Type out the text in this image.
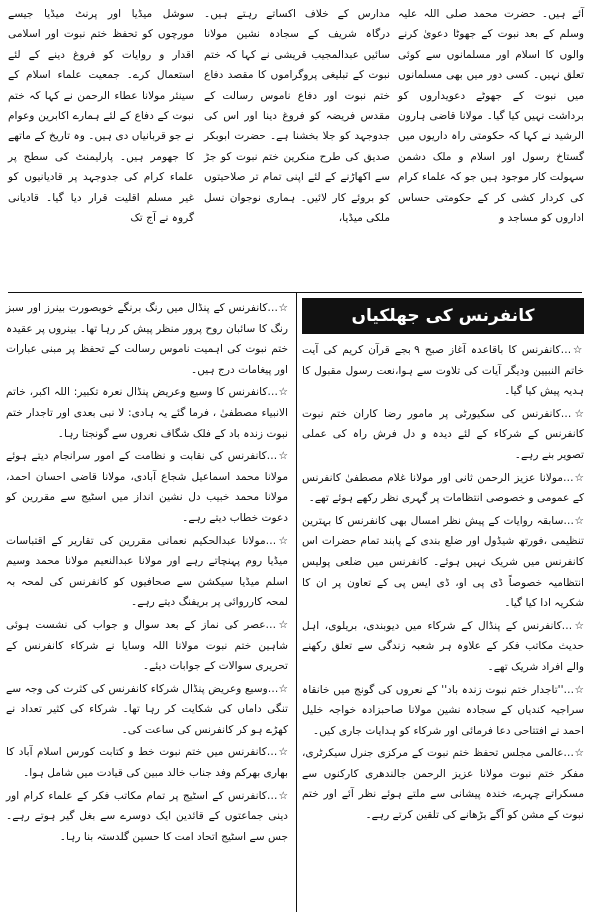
آئے ہیں۔ حضرت محمد صلی اللہ علیہ وسلم کے بعد نبوت کے جھوٹا دعویٰ کرنے والوں کا اسلام اور مسلمانوں سے کوئی تعلق نہیں۔ کسی دور میں بھی مسلمانوں میں نبوت کے جھوٹے دعویداروں کو برداشت نہیں کیا گیا۔ مولانا قاضی ہارون الرشید نے کہا کہ حکومتی راہ داریوں میں گستاخ رسول اور اسلام و ملک دشمن سہولت کار موجود ہیں جو کہ علماء کرام کی کردار کشی کر کے حکومتی حساس اداروں کو مساجد و

مدارس کے خلاف اکساتے رہتے ہیں۔ درگاہ شریف کے سجادہ نشین مولانا سائیں عبدالمجیب قریشی نے کہا کہ ختم نبوت کے تبلیغی پروگراموں کا مقصد دفاع ختم نبوت اور دفاع ناموس رسالت کے مقدس فریضہ کو فروغ دینا اور اس کی جدوجہد کو جلا بخشنا ہے۔ حضرت ابوبکر صدیق کی طرح منکرین ختم نبوت کو جڑ سے اکھاڑنے کے لئے اپنی تمام تر صلاحیتوں کو بروئے کار لائیں۔ ہماری نوجوان نسل ملکی میڈیا،

سوشل میڈیا اور پرنٹ میڈیا جیسے مورچوں کو تحفظ ختم نبوت اور اسلامی اقدار و روایات کو فروغ دینے کے لئے استعمال کرے۔ جمعیت علماء اسلام کے سینئر مولانا عطاء الرحمن نے کہا کہ ختم نبوت کے دفاع کے لئے ہمارے اکابرین وعوام نے جو قربانیاں دی ہیں۔ وہ تاریخ کے ماتھے کا جھومر ہیں۔ پارلیمنٹ کی سطح پر علماء کرام کی جدوجہد پر قادیانیوں کو غیر مسلم اقلیت قرار دیا گیا۔ قادیانی گروہ نے آج تک

کانفرنس کی جھلکیاں

☆…کانفرنس کا باقاعدہ آغاز صبح ۹ بجے قرآن کریم کی آیت خاتم النبیین ودیگر آیات کی تلاوت سے ہوا،نعت رسول مقبول کا ہدیہ پیش کیا گیا۔

☆…کانفرنس کی سکیورٹی پر مامور رضا کاران ختم نبوت کانفرنس کے شرکاء کے لئے دیدہ و دل فرش راہ کی عملی تصویر بنے رہے۔

☆…مولانا عزیز الرحمن ثانی اور مولانا غلام مصطفیٰ کانفرنس کے عمومی و خصوصی انتظامات پر گہری نظر رکھے ہوئے تھے۔

☆…سابقہ روایات کے پیش نظر امسال بھی کانفرنس کا بہترین تنظیمی ،فورتھ شیڈول اور ضلع بندی کے پابند تمام حضرات اس کانفرنس میں شریک نہیں ہوئے۔ کانفرنس میں ضلعی پولیس انتظامیہ خصوصاً ڈی پی او، ڈی ایس پی کے تعاون پر ان کا شکریہ ادا کیا گیا۔

☆…کانفرنس کے پنڈال کے شرکاء میں دیوبندی، بریلوی، اہل حدیث مکاتب فکر کے علاوہ ہر شعبہ زندگی سے تعلق رکھنے والے افراد شریک تھے۔

☆…''تاجدار ختم نبوت زندہ باد'' کے نعروں کی گونج میں خانقاہ سراجیہ کندیاں کے سجادہ نشین مولانا صاحبزادہ خواجہ خلیل احمد نے افتتاحی دعا فرمائی اور شرکاء کو ہدایات جاری کیں۔

☆…عالمی مجلس تحفظ ختم نبوت کے مرکزی جنرل سیکرٹری، مفکر ختم نبوت مولانا عزیز الرحمن جالندھری کارکنوں سے مسکراتے چہرے، خندہ پیشانی سے ملتے ہوئے نظر آئے اور ختم نبوت کے مشن کو آگے بڑھانے کی تلقین کرتے رہے۔

☆…کانفرنس کے پنڈال میں رنگ برنگے خوبصورت بینرز اور سبز رنگ کا سائبان روح پرور منظر پیش کر رہا تھا۔ بینروں پر عقیدہ ختم نبوت کی اہمیت ناموس رسالت کے تحفظ پر مبنی عبارات اور پیغامات درج ہیں۔

☆…کانفرنس کا وسیع وعریض پنڈال نعرہ تکبیر: اللہ اکبر، خاتم الانبیاء مصطفیٰ ، فرما گئے یہ ہادی: لا نبی بعدی اور تاجدار ختم نبوت زندہ باد کے فلک شگاف نعروں سے گونجتا رہا۔

☆…کانفرنس کی نقابت و نظامت کے امور سرانجام دیتے ہوئے مولانا محمد اسماعیل شجاع آبادی، مولانا قاضی احسان احمد، مولانا محمد خبیب دل نشین انداز میں اسٹیج سے مقررین کو دعوت خطاب دیتے رہے۔

☆…مولانا عبدالحکیم نعمانی مقررین کی تقاریر کے اقتباسات میڈیا روم پہنچاتے رہے اور مولانا عبدالنعیم مولانا محمد وسیم اسلم میڈیا سیکشن سے صحافیوں کو کانفرنس کی لمحہ بہ لمحہ کارروائی پر بریفنگ دیتے رہے۔

☆…عصر کی نماز کے بعد سوال و جواب کی نشست ہوئی شاہین ختم نبوت مولانا اللہ وسایا نے شرکاء کانفرنس کے تحریری سوالات کے جوابات دیئے۔

☆…وسیع وعریض پنڈال شرکاء کانفرنس کی کثرت کی وجہ سے تنگی داماں کی شکایت کر رہا تھا۔ شرکاء کی کثیر تعداد نے کھڑے ہو کر کانفرنس کی ساعت کی۔

☆…کانفرنس میں ختم نبوت خط و کتابت کورس اسلام آباد کا بھاری بھرکم وفد جناب خالد مبین کی قیادت میں شامل ہوا۔

☆…کانفرنس کے اسٹیج پر تمام مکاتب فکر کے علماء کرام اور دینی جماعتوں کے قائدین ایک دوسرے سے بغل گیر ہوتے رہے۔ جس سے اسٹیج اتحاد امت کا حسین گلدستہ بنا رہا۔
